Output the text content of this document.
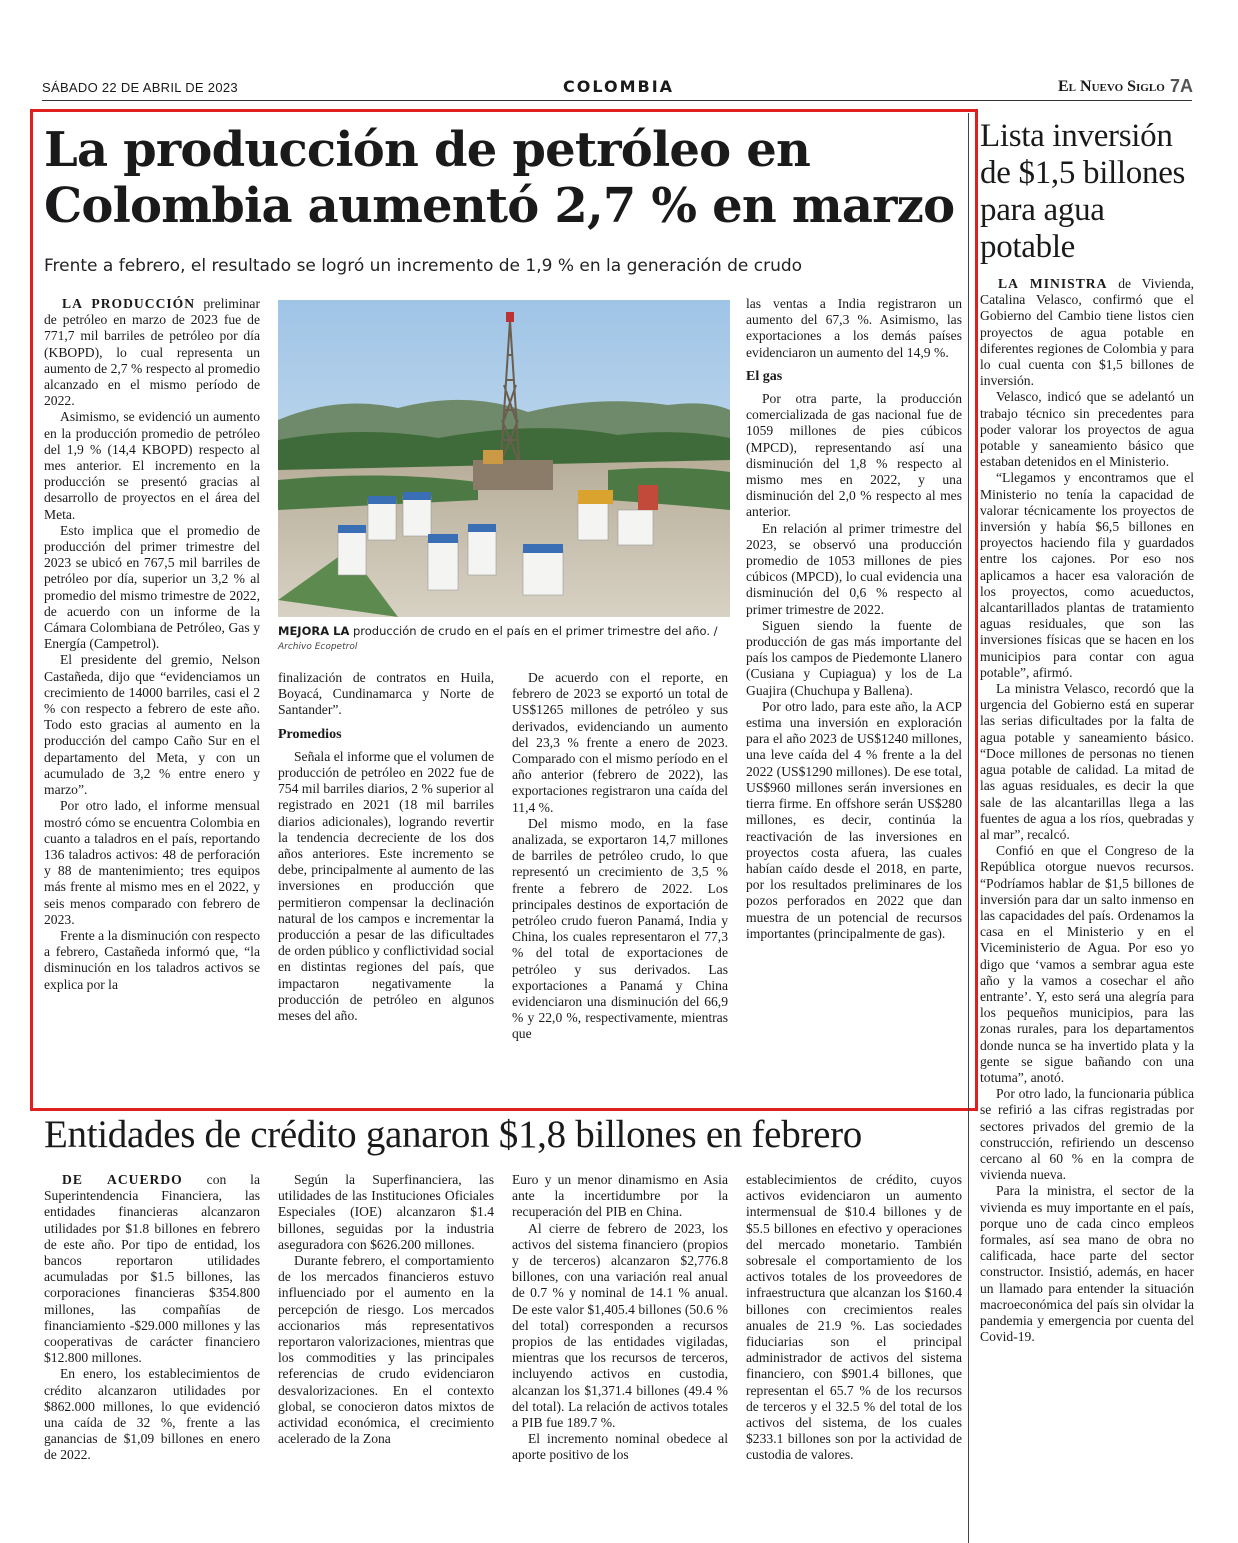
SÁBADO 22 DE ABRIL DE 2023	COLOMBIA	El Nuevo Siglo 7A
La producción de petróleo en
Colombia aumentó 2,7 % en marzo
Frente a febrero, el resultado se logró un incremento de 1,9 % en la generación de crudo

LA PRODUCCIÓN preliminar de petróleo en marzo de 2023 fue de 771,7 mil barriles de petróleo por día (KBOPD), lo cual representa un aumento de 2,7 % respecto al promedio alcanzado en el mismo período de 2022.

Asimismo, se evidenció un aumento en la producción promedio de petróleo del 1,9 % (14,4 KBOPD) respecto al mes anterior. El incremento en la producción se presentó gracias al desarrollo de proyectos en el área del Meta.

Esto implica que el promedio de producción del primer trimestre del 2023 se ubicó en 767,5 mil barriles de petróleo por día, superior un 3,2 % al promedio del mismo trimestre de 2022, de acuerdo con un informe de la Cámara Colombiana de Petróleo, Gas y Energía (Campetrol).

El presidente del gremio, Nelson Castañeda, dijo que “evidenciamos un crecimiento de 14000 barriles, casi el 2 % con respecto a febrero de este año. Todo esto gracias al aumento en la producción del campo Caño Sur en el departamento del Meta, y con un acumulado de 3,2 % entre enero y marzo”.

Por otro lado, el informe mensual mostró cómo se encuentra Colombia en cuanto a taladros en el país, reportando 136 taladros activos: 48 de perforación y 88 de mantenimiento; tres equipos más frente al mismo mes en el 2022, y seis menos comparado con febrero de 2023.

Frente a la disminución con respecto a febrero, Castañeda informó que, “la disminución en los taladros activos se explica por la

MEJORA LA producción de crudo en el país en el primer trimestre del año. /
Archivo Ecopetrol

finalización de contratos en Huila, Boyacá, Cundinamarca y Norte de Santander”.

Promedios

Señala el informe que el volumen de producción de petróleo en 2022 fue de 754 mil barriles diarios, 2 % superior al registrado en 2021 (18 mil barriles diarios adicionales), logrando revertir la tendencia decreciente de los dos años anteriores. Este incremento se debe, principalmente al aumento de las inversiones en producción que permitieron compensar la declinación natural de los campos e incrementar la producción a pesar de las dificultades de orden público y conflictividad social en distintas regiones del país, que impactaron negativamente la producción de petróleo en algunos meses del año.

De acuerdo con el reporte, en febrero de 2023 se exportó un total de US$1265 millones de petróleo y sus derivados, evidenciando un aumento del 23,3 % frente a enero de 2023. Comparado con el mismo período en el año anterior (febrero de 2022), las exportaciones registraron una caída del 11,4 %.

Del mismo modo, en la fase analizada, se exportaron 14,7 millones de barriles de petróleo crudo, lo que representó un crecimiento de 3,5 % frente a febrero de 2022. Los principales destinos de exportación de petróleo crudo fueron Panamá, India y China, los cuales representaron el 77,3 % del total de exportaciones de petróleo y sus derivados. Las exportaciones a Panamá y China evidenciaron una disminución del 66,9 % y 22,0 %, respectivamente, mientras que

las ventas a India registraron un aumento del 67,3 %. Asimismo, las exportaciones a los demás países evidenciaron un aumento del 14,9 %.

El gas

Por otra parte, la producción comercializada de gas nacional fue de 1059 millones de pies cúbicos (MPCD), representando así una disminución del 1,8 % respecto al mismo mes en 2022, y una disminución del 2,0 % respecto al mes anterior.

En relación al primer trimestre del 2023, se observó una producción promedio de 1053 millones de pies cúbicos (MPCD), lo cual evidencia una disminución del 0,6 % respecto al primer trimestre de 2022.

Siguen siendo la fuente de producción de gas más importante del país los campos de Piedemonte Llanero (Cusiana y Cupiagua) y los de La Guajira (Chuchupa y Ballena).

Por otro lado, para este año, la ACP estima una inversión en exploración para el año 2023 de US$1240 millones, una leve caída del 4 % frente a la del 2022 (US$1290 millones). De ese total, US$960 millones serán inversiones en tierra firme. En offshore serán US$280 millones, es decir, continúa la reactivación de las inversiones en proyectos costa afuera, las cuales habían caído desde el 2018, en parte, por los resultados preliminares de los pozos perforados en 2022 que dan muestra de un potencial de recursos importantes (principalmente de gas).

Entidades de crédito ganaron $1,8 billones en febrero

DE ACUERDO con la Superintendencia Financiera, las entidades financieras alcanzaron utilidades por $1.8 billones en febrero de este año. Por tipo de entidad, los bancos reportaron utilidades acumuladas por $1.5 billones, las corporaciones financieras $354.800 millones, las compañías de financiamiento -$29.000 millones y las cooperativas de carácter financiero $12.800 millones.

En enero, los establecimientos de crédito alcanzaron utilidades por $862.000 millones, lo que evidenció una caída de 32 %, frente a las ganancias de $1,09 billones en enero de 2022.

Según la Superfinanciera, las utilidades de las Instituciones Oficiales Especiales (IOE) alcanzaron $1.4 billones, seguidas por la industria aseguradora con $626.200 millones.

Durante febrero, el comportamiento de los mercados financieros estuvo influenciado por el aumento en la percepción de riesgo. Los mercados accionarios más representativos reportaron valorizaciones, mientras que los commodities y las principales referencias de crudo evidenciaron desvalorizaciones. En el contexto global, se conocieron datos mixtos de actividad económica, el crecimiento acelerado de la Zona

Euro y un menor dinamismo en Asia ante la incertidumbre por la recuperación del PIB en China.

Al cierre de febrero de 2023, los activos del sistema financiero (propios y de terceros) alcanzaron $2,776.8 billones, con una variación real anual de 0.7 % y nominal de 14.1 % anual. De este valor $1,405.4 billones (50.6 % del total) corresponden a recursos propios de las entidades vigiladas, mientras que los recursos de terceros, incluyendo activos en custodia, alcanzan los $1,371.4 billones (49.4 % del total). La relación de activos totales a PIB fue 189.7 %.

El incremento nominal obedece al aporte positivo de los

establecimientos de crédito, cuyos activos evidenciaron un aumento intermensual de $10.4 billones y de $5.5 billones en efectivo y operaciones del mercado monetario. También sobresale el comportamiento de los activos totales de los proveedores de infraestructura que alcanzan los $160.4 billones con crecimientos reales anuales de 21.9 %. Las sociedades fiduciarias son el principal administrador de activos del sistema financiero, con $901.4 billones, que representan el 65.7 % de los recursos de terceros y el 32.5 % del total de los activos del sistema, de los cuales $233.1 billones son por la actividad de custodia de valores.

Lista inversión de $1,5 billones para agua potable

LA MINISTRA de Vivienda, Catalina Velasco, confirmó que el Gobierno del Cambio tiene listos cien proyectos de agua potable en diferentes regiones de Colombia y para lo cual cuenta con $1,5 billones de inversión.

Velasco, indicó que se adelantó un trabajo técnico sin precedentes para poder valorar los proyectos de agua potable y saneamiento básico que estaban detenidos en el Ministerio.

“Llegamos y encontramos que el Ministerio no tenía la capacidad de valorar técnicamente los proyectos de inversión y había $6,5 billones en proyectos haciendo fila y guardados entre los cajones. Por eso nos aplicamos a hacer esa valoración de los proyectos, como acueductos, alcantarillados plantas de tratamiento aguas residuales, que son las inversiones físicas que se hacen en los municipios para contar con agua potable”, afirmó.

La ministra Velasco, recordó que la urgencia del Gobierno está en superar las serias dificultades por la falta de agua potable y saneamiento básico. “Doce millones de personas no tienen agua potable de calidad. La mitad de las aguas residuales, es decir la que sale de las alcantarillas llega a las fuentes de agua a los ríos, quebradas y al mar”, recalcó.

Confió en que el Congreso de la República otorgue nuevos recursos. “Podríamos hablar de $1,5 billones de inversión para dar un salto inmenso en las capacidades del país. Ordenamos la casa en el Ministerio y en el Viceministerio de Agua. Por eso yo digo que ‘vamos a sembrar agua este año y la vamos a cosechar el año entrante’. Y, esto será una alegría para los pequeños municipios, para las zonas rurales, para los departamentos donde nunca se ha invertido plata y la gente se sigue bañando con una totuma”, anotó.

Por otro lado, la funcionaria pública se refirió a las cifras registradas por sectores privados del gremio de la construcción, refiriendo un descenso cercano al 60 % en la compra de vivienda nueva.

Para la ministra, el sector de la vivienda es muy importante en el país, porque uno de cada cinco empleos formales, así sea mano de obra no calificada, hace parte del sector constructor. Insistió, además, en hacer un llamado para entender la situación macroeconómica del país sin olvidar la pandemia y emergencia por cuenta del Covid-19.
